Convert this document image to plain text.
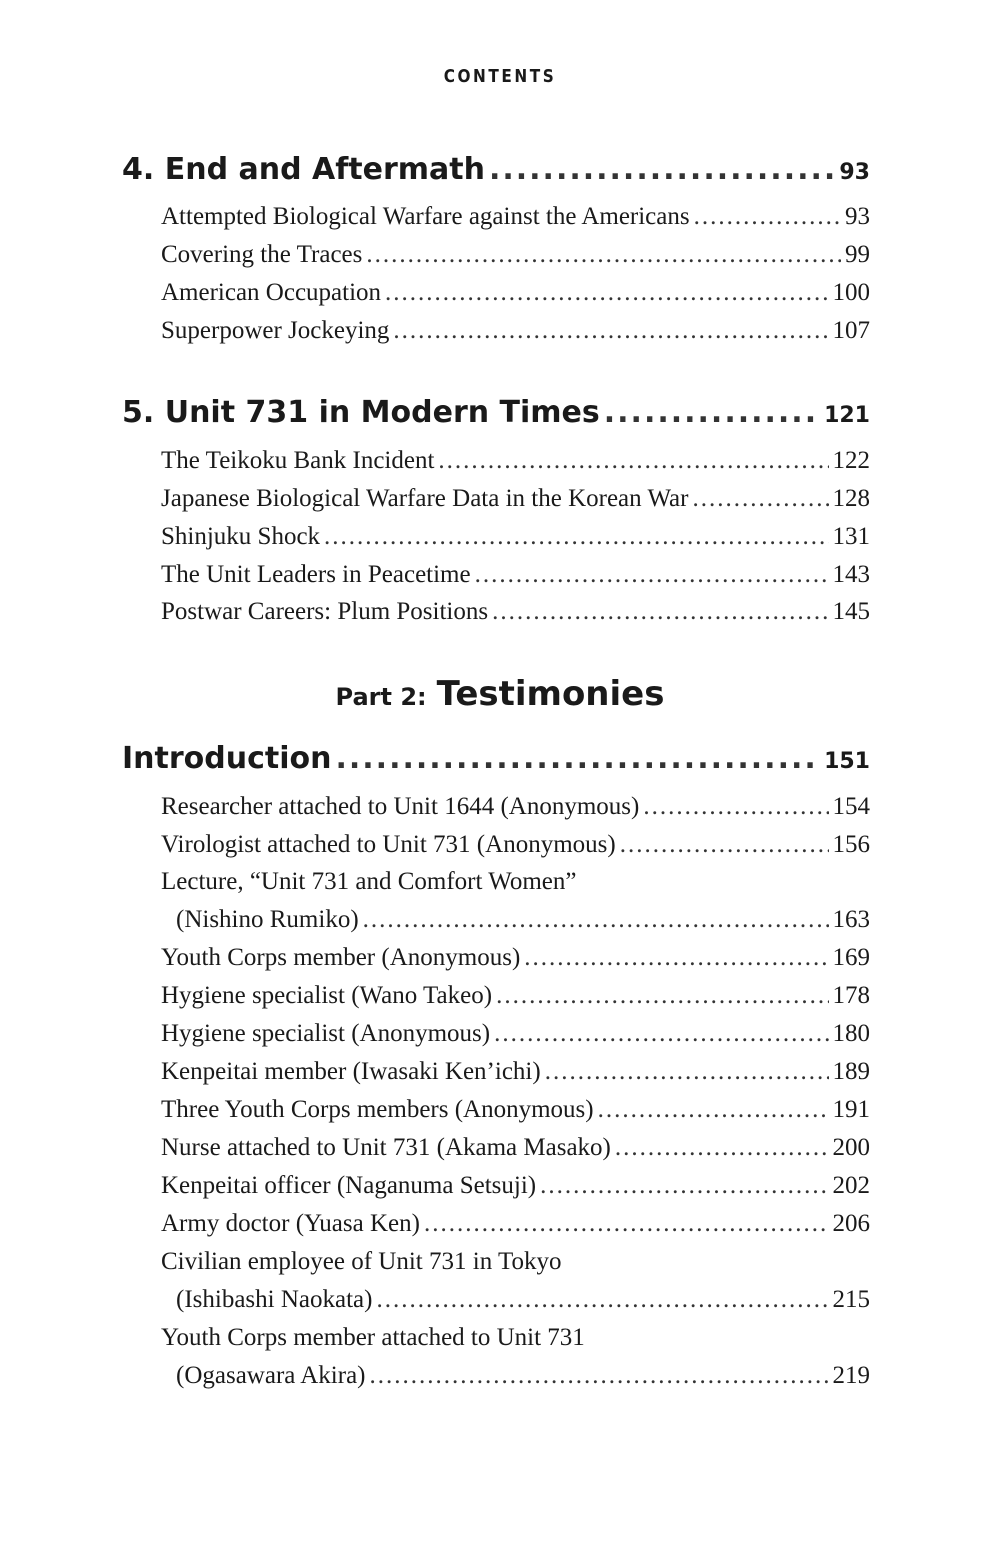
CONTENTS
4. End and Aftermath .....	93
Attempted Biological Warfare against the Americans .....	93
Covering the Traces .....	99
American Occupation .....	100
Superpower Jockeying .....	107
5. Unit 731 in Modern Times .....	121
The Teikoku Bank Incident .....	122
Japanese Biological Warfare Data in the Korean War .....	128
Shinjuku Shock .....	131
The Unit Leaders in Peacetime .....	143
Postwar Careers: Plum Positions .....	145
Part 2: Testimonies
Introduction .....	151
Researcher attached to Unit 1644 (Anonymous) .....	154
Virologist attached to Unit 731 (Anonymous) .....	156
Lecture, “Unit 731 and Comfort Women”
(Nishino Rumiko) .....	163
Youth Corps member (Anonymous) .....	169
Hygiene specialist (Wano Takeo) .....	178
Hygiene specialist (Anonymous) .....	180
Kenpeitai member (Iwasaki Ken’ichi) .....	189
Three Youth Corps members (Anonymous) .....	191
Nurse attached to Unit 731 (Akama Masako) .....	200
Kenpeitai officer (Naganuma Setsuji) .....	202
Army doctor (Yuasa Ken) .....	206
Civilian employee of Unit 731 in Tokyo
(Ishibashi Naokata) .....	215
Youth Corps member attached to Unit 731
(Ogasawara Akira) .....	219
